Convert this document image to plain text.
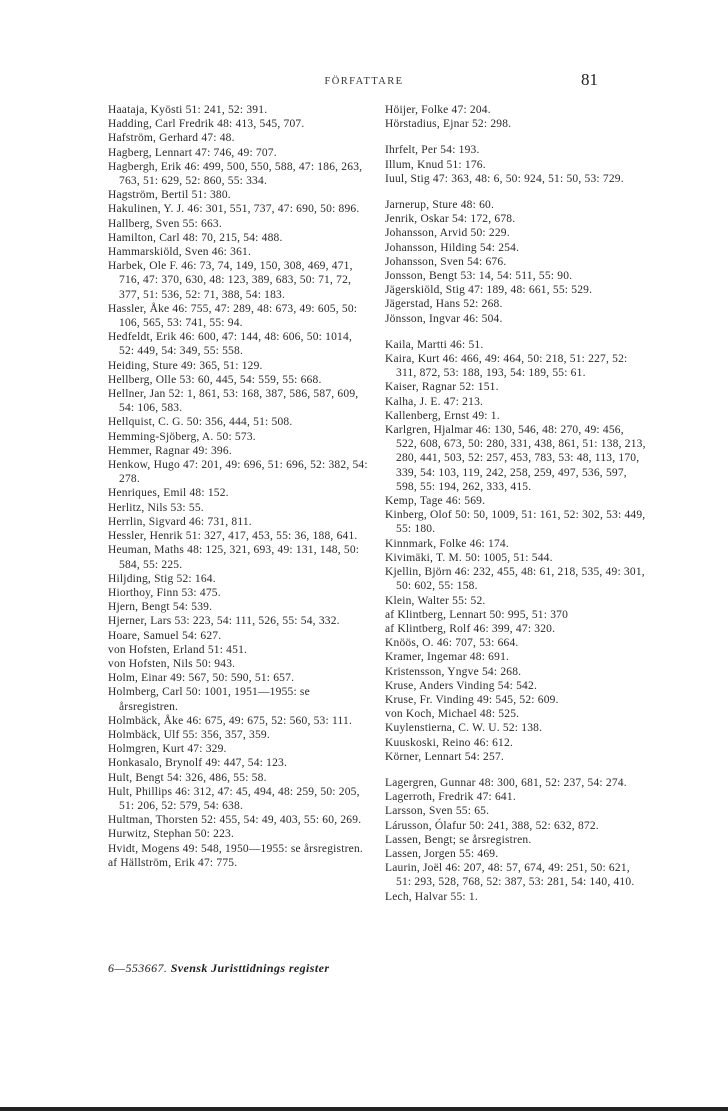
FÖRFATTARE	81
Haataja, Kyösti 51: 241, 52: 391.
Hadding, Carl Fredrik 48: 413, 545, 707.
Hafström, Gerhard 47: 48.
Hagberg, Lennart 47: 746, 49: 707.
Hagbergh, Erik 46: 499, 500, 550, 588, 47: 186, 263, 763, 51: 629, 52: 860, 55: 334.
Hagström, Bertil 51: 380.
Hakulinen, Y. J. 46: 301, 551, 737, 47: 690, 50: 896.
Hallberg, Sven 55: 663.
Hamilton, Carl 48: 70, 215, 54: 488.
Hammarskiöld, Sven 46: 361.
Harbek, Ole F. 46: 73, 74, 149, 150, 308, 469, 471, 716, 47: 370, 630, 48: 123, 389, 683, 50: 71, 72, 377, 51: 536, 52: 71, 388, 54: 183.
Hassler, Åke 46: 755, 47: 289, 48: 673, 49: 605, 50: 106, 565, 53: 741, 55: 94.
Hedfeldt, Erik 46: 600, 47: 144, 48: 606, 50: 1014, 52: 449, 54: 349, 55: 558.
Heiding, Sture 49: 365, 51: 129.
Hellberg, Olle 53: 60, 445, 54: 559, 55: 668.
Hellner, Jan 52: 1, 861, 53: 168, 387, 586, 587, 609, 54: 106, 583.
Hellquist, C. G. 50: 356, 444, 51: 508.
Hemming-Sjöberg, A. 50: 573.
Hemmer, Ragnar 49: 396.
Henkow, Hugo 47: 201, 49: 696, 51: 696, 52: 382, 54: 278.
Henriques, Emil 48: 152.
Herlitz, Nils 53: 55.
Herrlin, Sigvard 46: 731, 811.
Hessler, Henrik 51: 327, 417, 453, 55: 36, 188, 641.
Heuman, Maths 48: 125, 321, 693, 49: 131, 148, 50: 584, 55: 225.
Hiljding, Stig 52: 164.
Hiorthoy, Finn 53: 475.
Hjern, Bengt 54: 539.
Hjerner, Lars 53: 223, 54: 111, 526, 55: 54, 332.
Hoare, Samuel 54: 627.
von Hofsten, Erland 51: 451.
von Hofsten, Nils 50: 943.
Holm, Einar 49: 567, 50: 590, 51: 657.
Holmberg, Carl 50: 1001, 1951—1955: se årsregistren.
Holmbäck, Åke 46: 675, 49: 675, 52: 560, 53: 111.
Holmbäck, Ulf 55: 356, 357, 359.
Holmgren, Kurt 47: 329.
Honkasalo, Brynolf 49: 447, 54: 123.
Hult, Bengt 54: 326, 486, 55: 58.
Hult, Phillips 46: 312, 47: 45, 494, 48: 259, 50: 205, 51: 206, 52: 579, 54: 638.
Hultman, Thorsten 52: 455, 54: 49, 403, 55: 60, 269.
Hurwitz, Stephan 50: 223.
Hvidt, Mogens 49: 548, 1950—1955: se årsregistren.
af Hällström, Erik 47: 775.
Höijer, Folke 47: 204.
Hörstadius, Ejnar 52: 298.
Ihrfelt, Per 54: 193.
Illum, Knud 51: 176.
Iuul, Stig 47: 363, 48: 6, 50: 924, 51: 50, 53: 729.
Jarnerup, Sture 48: 60.
Jenrik, Oskar 54: 172, 678.
Johansson, Arvid 50: 229.
Johansson, Hilding 54: 254.
Johansson, Sven 54: 676.
Jonsson, Bengt 53: 14, 54: 511, 55: 90.
Jägerskiöld, Stig 47: 189, 48: 661, 55: 529.
Jägerstad, Hans 52: 268.
Jönsson, Ingvar 46: 504.
Kaila, Martti 46: 51.
Kaira, Kurt 46: 466, 49: 464, 50: 218, 51: 227, 52: 311, 872, 53: 188, 193, 54: 189, 55: 61.
Kaiser, Ragnar 52: 151.
Kalha, J. E. 47: 213.
Kallenberg, Ernst 49: 1.
Karlgren, Hjalmar 46: 130, 546, 48: 270, 49: 456, 522, 608, 673, 50: 280, 331, 438, 861, 51: 138, 213, 280, 441, 503, 52: 257, 453, 783, 53: 48, 113, 170, 339, 54: 103, 119, 242, 258, 259, 497, 536, 597, 598, 55: 194, 262, 333, 415.
Kemp, Tage 46: 569.
Kinberg, Olof 50: 50, 1009, 51: 161, 52: 302, 53: 449, 55: 180.
Kinnmark, Folke 46: 174.
Kivimäki, T. M. 50: 1005, 51: 544.
Kjellin, Björn 46: 232, 455, 48: 61, 218, 535, 49: 301, 50: 602, 55: 158.
Klein, Walter 55: 52.
af Klintberg, Lennart 50: 995, 51: 370
af Klintberg, Rolf 46: 399, 47: 320.
Knöös, O. 46: 707, 53: 664.
Kramer, Ingemar 48: 691.
Kristensson, Yngve 54: 268.
Kruse, Anders Vinding 54: 542.
Kruse, Fr. Vinding 49: 545, 52: 609.
von Koch, Michael 48: 525.
Kuylenstierna, C. W. U. 52: 138.
Kuuskoski, Reino 46: 612.
Körner, Lennart 54: 257.
Lagergren, Gunnar 48: 300, 681, 52: 237, 54: 274.
Lagerroth, Fredrik 47: 641.
Larsson, Sven 55: 65.
Lárusson, Ólafur 50: 241, 388, 52: 632, 872.
Lassen, Bengt; se årsregistren.
Lassen, Jorgen 55: 469.
Laurin, Joël 46: 207, 48: 57, 674, 49: 251, 50: 621, 51: 293, 528, 768, 52: 387, 53: 281, 54: 140, 410.
Lech, Halvar 55: 1.
6—553667. Svensk Juristtidnings register
